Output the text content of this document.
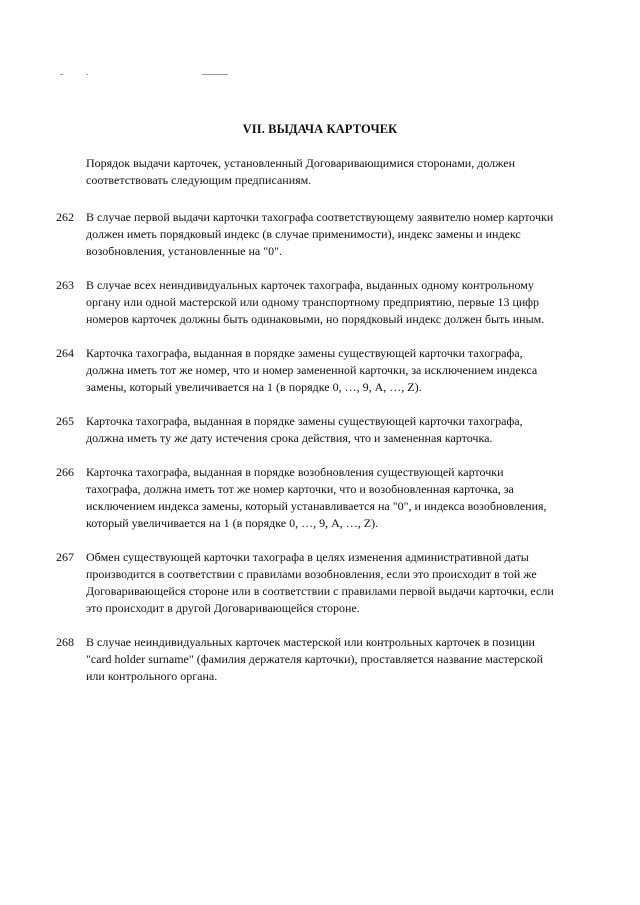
VII. ВЫДАЧА КАРТОЧЕК
Порядок выдачи карточек, установленный Договаривающимися сторонами, должен соответствовать следующим предписаниям.
262	В случае первой выдачи карточки тахографа соответствующему заявителю номер карточки должен иметь порядковый индекс (в случае применимости), индекс замены и индекс возобновления, установленные на "0".
263	В случае всех неиндивидуальных карточек тахографа, выданных одному контрольному органу или одной мастерской или одному транспортному предприятию, первые 13 цифр номеров карточек должны быть одинаковыми, но порядковый индекс должен быть иным.
264	Карточка тахографа, выданная в порядке замены существующей карточки тахографа, должна иметь тот же номер, что и номер замененной карточки, за исключением индекса замены, который увеличивается на 1 (в порядке 0, …, 9, A, …, Z).
265	Карточка тахографа, выданная в порядке замены существующей карточки тахографа, должна иметь ту же дату истечения срока действия, что и замененная карточка.
266	Карточка тахографа, выданная в порядке возобновления существующей карточки тахографа, должна иметь тот же номер карточки, что и возобновленная карточка, за исключением индекса замены, который устанавливается на "0", и индекса возобновления, который увеличивается на 1 (в порядке 0, …, 9, A, …, Z).
267	Обмен существующей карточки тахографа в целях изменения административной даты производится в соответствии с правилами возобновления, если это происходит в той же Договаривающейся стороне или в соответствии с правилами первой выдачи карточки, если это происходит в другой Договаривающейся стороне.
268	В случае неиндивидуальных карточек мастерской или контрольных карточек в позиции "card holder surname" (фамилия держателя карточки), проставляется название мастерской или контрольного органа.
